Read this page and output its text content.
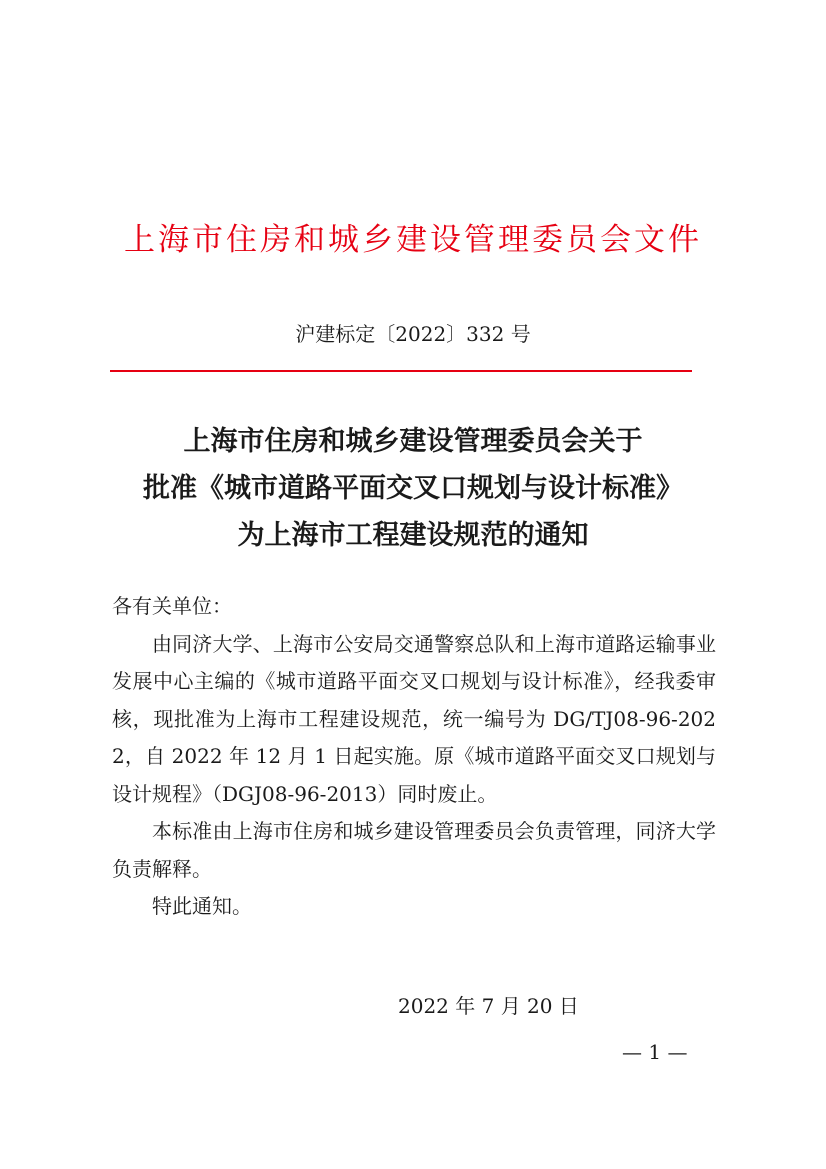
上海市住房和城乡建设管理委员会文件
沪建标定〔2022〕332 号
上海市住房和城乡建设管理委员会关于
批准《城市道路平面交叉口规划与设计标准》
为上海市工程建设规范的通知

各有关单位：

由同济大学、上海市公安局交通警察总队和上海市道路运输事业发展中心主编的《城市道路平面交叉口规划与设计标准》，经我委审核，现批准为上海市工程建设规范，统一编号为 DG/TJ08-96-2022，自 2022 年 12 月 1 日起实施。原《城市道路平面交叉口规划与设计规程》（DGJ08-96-2013）同时废止。

本标准由上海市住房和城乡建设管理委员会负责管理，同济大学负责解释。

特此通知。

2022 年 7 月 20 日
— 1 —
